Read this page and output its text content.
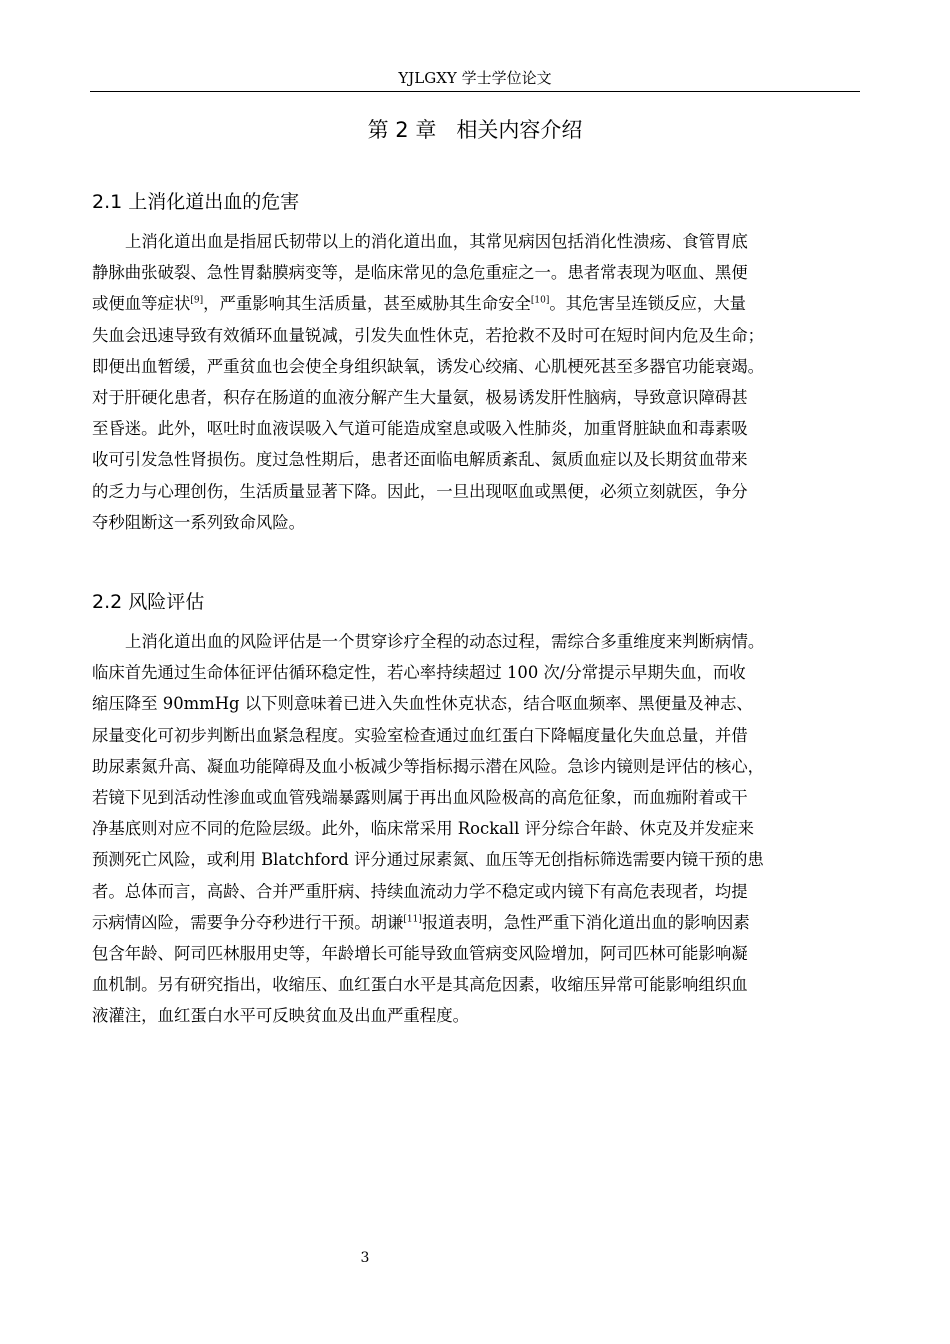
YJLGXY 学士学位论文
第 2 章   相关内容介绍
2.1 上消化道出血的危害
上消化道出血是指屈氏韧带以上的消化道出血，其常见病因包括消化性溃疡、食管胃底
静脉曲张破裂、急性胃黏膜病变等，是临床常见的急危重症之一。患者常表现为呕血、黑便
或便血等症状[9]，严重影响其生活质量，甚至威胁其生命安全[10]。其危害呈连锁反应，大量
失血会迅速导致有效循环血量锐减，引发失血性休克，若抢救不及时可在短时间内危及生命；
即便出血暂缓，严重贫血也会使全身组织缺氧，诱发心绞痛、心肌梗死甚至多器官功能衰竭。
对于肝硬化患者，积存在肠道的血液分解产生大量氨，极易诱发肝性脑病，导致意识障碍甚
至昏迷。此外，呕吐时血液误吸入气道可能造成窒息或吸入性肺炎，加重肾脏缺血和毒素吸
收可引发急性肾损伤。度过急性期后，患者还面临电解质紊乱、氮质血症以及长期贫血带来
的乏力与心理创伤，生活质量显著下降。因此，一旦出现呕血或黑便，必须立刻就医，争分
夺秒阻断这一系列致命风险。
2.2 风险评估
上消化道出血的风险评估是一个贯穿诊疗全程的动态过程，需综合多重维度来判断病情。
临床首先通过生命体征评估循环稳定性，若心率持续超过 100 次/分常提示早期失血，而收
缩压降至 90mmHg 以下则意味着已进入失血性休克状态，结合呕血频率、黑便量及神志、
尿量变化可初步判断出血紧急程度。实验室检查通过血红蛋白下降幅度量化失血总量，并借
助尿素氮升高、凝血功能障碍及血小板减少等指标揭示潜在风险。急诊内镜则是评估的核心，
若镜下见到活动性渗血或血管残端暴露则属于再出血风险极高的高危征象，而血痂附着或干
净基底则对应不同的危险层级。此外，临床常采用 Rockall 评分综合年龄、休克及并发症来
预测死亡风险，或利用 Blatchford 评分通过尿素氮、血压等无创指标筛选需要内镜干预的患
者。总体而言，高龄、合并严重肝病、持续血流动力学不稳定或内镜下有高危表现者，均提
示病情凶险，需要争分夺秒进行干预。胡谦[11]报道表明，急性严重下消化道出血的影响因素
包含年龄、阿司匹林服用史等，年龄增长可能导致血管病变风险增加，阿司匹林可能影响凝
血机制。另有研究指出，收缩压、血红蛋白水平是其高危因素，收缩压异常可能影响组织血
液灌注，血红蛋白水平可反映贫血及出血严重程度。
3
